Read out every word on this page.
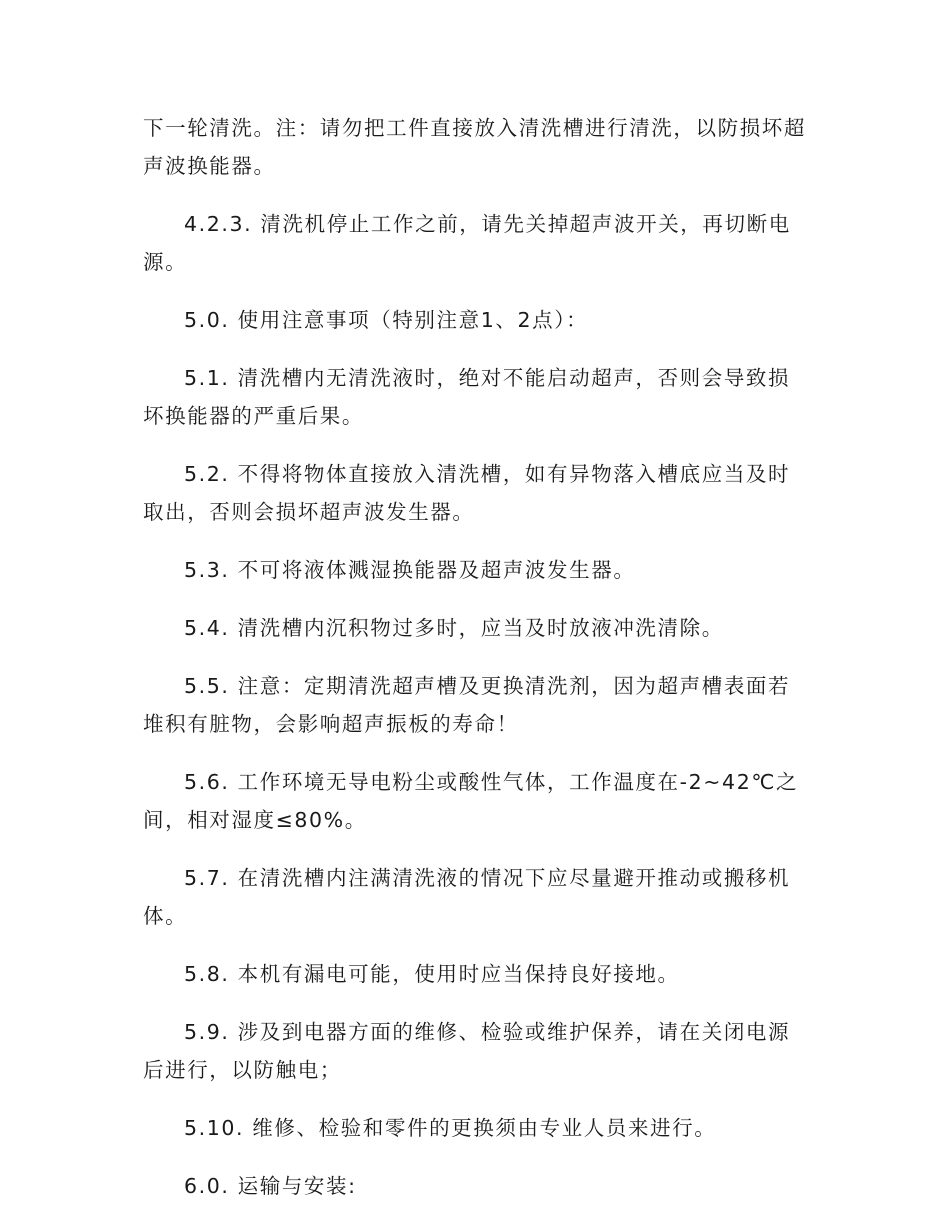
下一轮清洗。注：请勿把工件直接放入清洗槽进行清洗，以防损坏超声波换能器。

4.2.3. 清洗机停止工作之前，请先关掉超声波开关，再切断电源。

5.0. 使用注意事项（特别注意1、2点）：

5.1. 清洗槽内无清洗液时，绝对不能启动超声，否则会导致损坏换能器的严重后果。

5.2. 不得将物体直接放入清洗槽，如有异物落入槽底应当及时取出，否则会损坏超声波发生器。

5.3. 不可将液体溅湿换能器及超声波发生器。

5.4. 清洗槽内沉积物过多时，应当及时放液冲洗清除。

5.5. 注意：定期清洗超声槽及更换清洗剂，因为超声槽表面若堆积有脏物，会影响超声振板的寿命！

5.6. 工作环境无导电粉尘或酸性气体，工作温度在-2~42℃之间，相对湿度≤80%。

5.7. 在清洗槽内注满清洗液的情况下应尽量避开推动或搬移机体。

5.8. 本机有漏电可能，使用时应当保持良好接地。

5.9. 涉及到电器方面的维修、检验或维护保养，请在关闭电源后进行，以防触电；

5.10. 维修、检验和零件的更换须由专业人员来进行。

6.0. 运输与安装:
